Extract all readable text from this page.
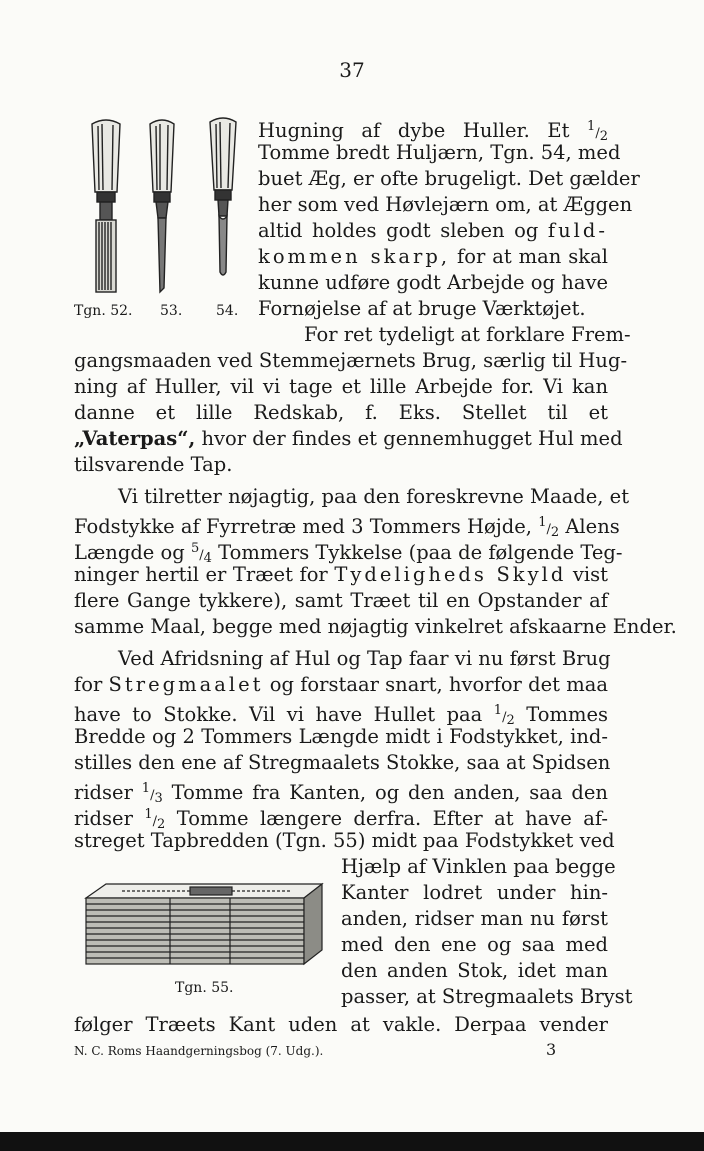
37
Tgn. 52. 53. 54.
Hugning af dybe Huller. Et $^1/_2$
Tomme bredt Huljærn, Tgn. 54, med
buet Æg, er ofte brugeligt. Det gælder
her som ved Høvlejærn om, at Æggen
altid holdes godt sleben og fuld-
kommen skarp, for at man skal
kunne udføre godt Arbejde og have
Fornøjelse af at bruge Værktøjet.
For ret tydeligt at forklare Frem-
gangsmaaden ved Stemmejærnets Brug, særlig til Hug-
ning af Huller, vil vi tage et lille Arbejde for. Vi kan
danne et lille Redskab, f. Eks. Stellet til et
„Vaterpas“, hvor der findes et gennemhugget Hul med
tilsvarende Tap.
Vi tilretter nøjagtig, paa den foreskrevne Maade, et
Fodstykke af Fyrretræ med 3 Tommers Højde, $^1/_2$ Alens
Længde og $^5/_4$ Tommers Tykkelse (paa de følgende Teg-
ninger hertil er Træet for Tydeligheds Skyld vist
flere Gange tykkere), samt Træet til en Opstander af
samme Maal, begge med nøjagtig vinkelret afskaarne Ender.
Ved Afridsning af Hul og Tap faar vi nu først Brug
for Stregmaalet og forstaar snart, hvorfor det maa
have to Stokke. Vil vi have Hullet paa $^1/_2$ Tommes
Bredde og 2 Tommers Længde midt i Fodstykket, ind-
stilles den ene af Stregmaalets Stokke, saa at Spidsen
ridser $^1/_3$ Tomme fra Kanten, og den anden, saa den
ridser $^1/_2$ Tomme længere derfra. Efter at have af-
streget Tapbredden (Tgn. 55) midt paa Fodstykket ved
Tgn. 55.
Hjælp af Vinklen paa begge
Kanter lodret under hin-
anden, ridser man nu først
med den ene og saa med
den anden Stok, idet man
passer, at Stregmaalets Bryst
følger Træets Kant uden at vakle. Derpaa vender
N. C. Roms Haandgerningsbog (7. Udg.).	3
